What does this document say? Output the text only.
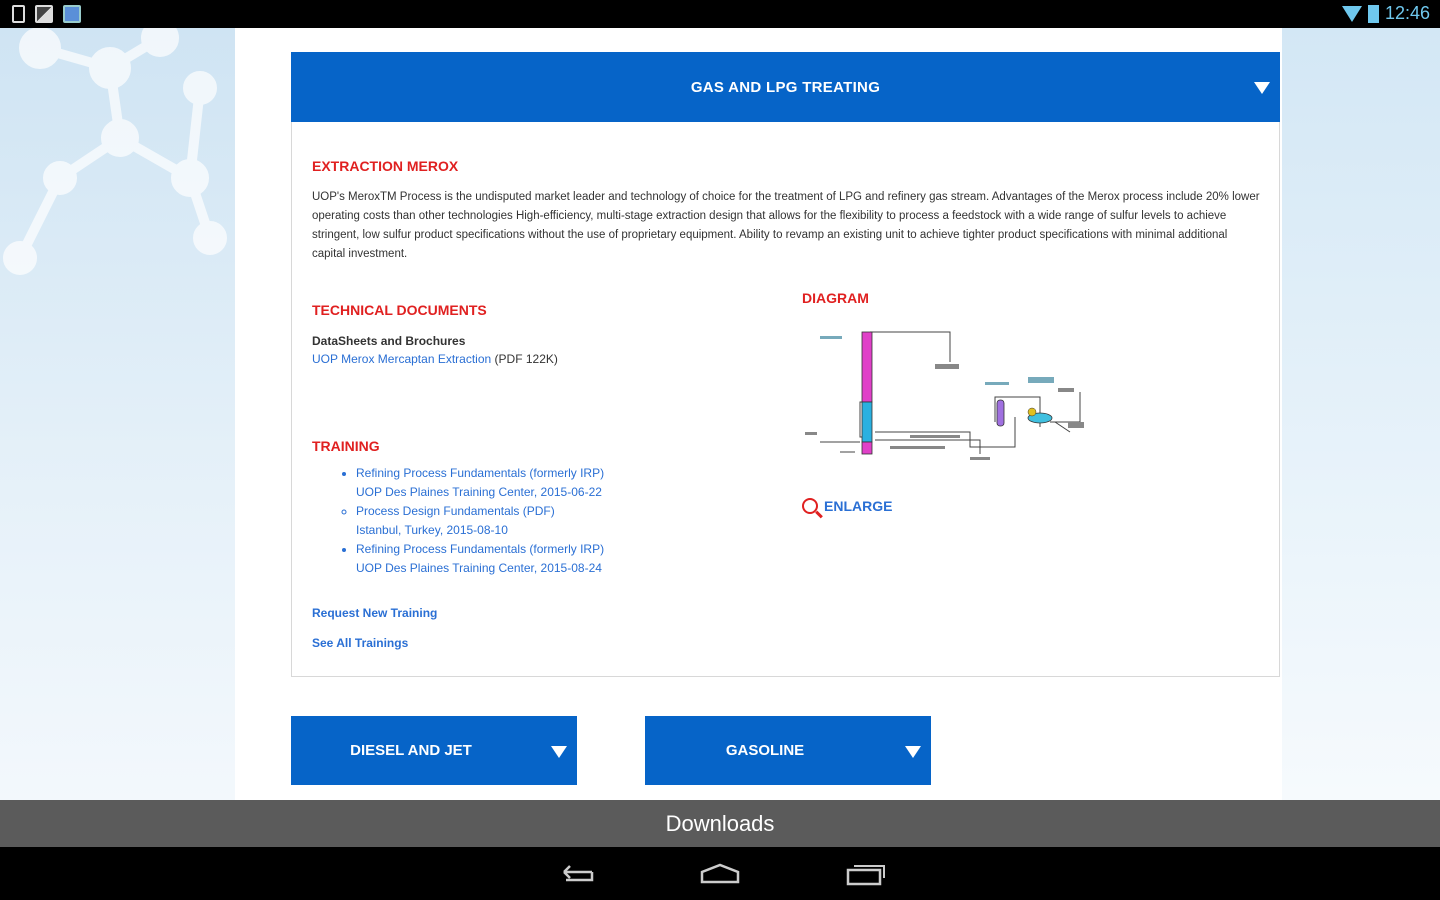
12:46
GAS AND LPG TREATING
EXTRACTION MEROX
UOP's MeroxTM Process is the undisputed market leader and technology of choice for the treatment of LPG and refinery gas stream. Advantages of the Merox process include 20% lower operating costs than other technologies High-efficiency, multi-stage extraction design that allows for the flexibility to process a feedstock with a wide range of sulfur levels to achieve stringent, low sulfur product specifications without the use of proprietary equipment. Ability to revamp an existing unit to achieve tighter product specifications with minimal additional capital investment.
TECHNICAL DOCUMENTS
DataSheets and Brochures
UOP Merox Mercaptan Extraction (PDF 122K)
TRAINING
• Refining Process Fundamentals (formerly IRP)
UOP Des Plaines Training Center, 2015-06-22
◦ Process Design Fundamentals (PDF)
Istanbul, Turkey, 2015-08-10
• Refining Process Fundamentals (formerly IRP)
UOP Des Plaines Training Center, 2015-08-24
Request New Training
See All Trainings
DIAGRAM
ENLARGE
DIESEL AND JET	GASOLINE
Downloads
